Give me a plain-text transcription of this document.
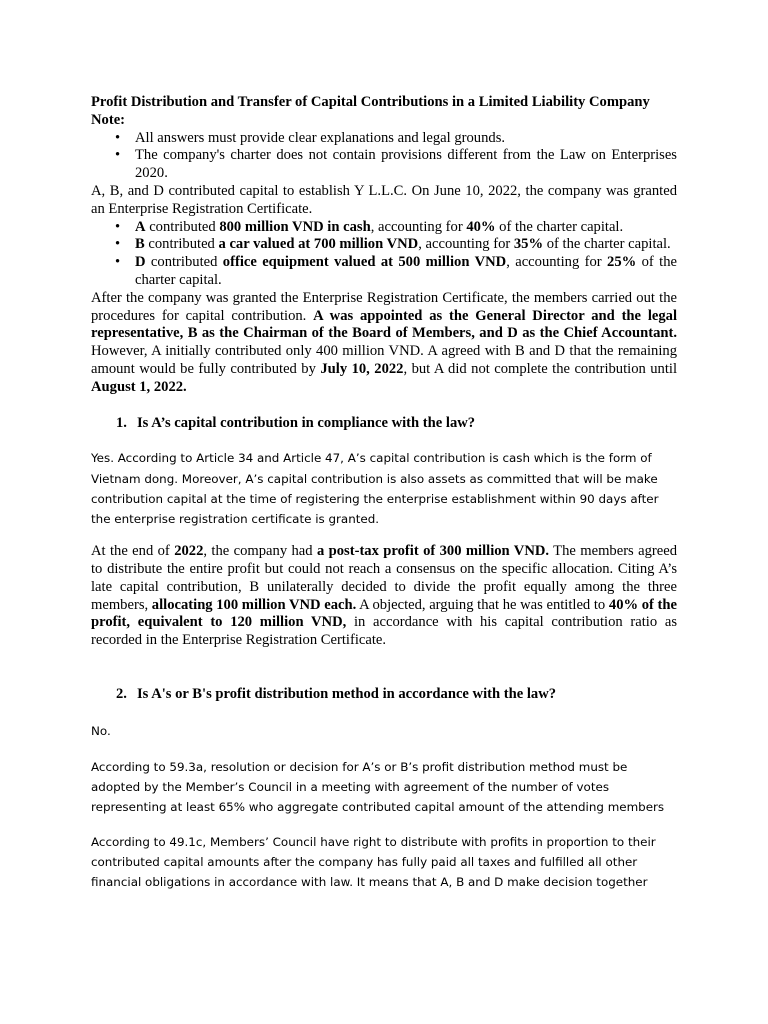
Profit Distribution and Transfer of Capital Contributions in a Limited Liability Company

Note:

• All answers must provide clear explanations and legal grounds.
• The company's charter does not contain provisions different from the Law on Enterprises 2020.

A, B, and D contributed capital to establish Y L.L.C. On June 10, 2022, the company was granted an Enterprise Registration Certificate.

• A contributed 800 million VND in cash, accounting for 40% of the charter capital.
• B contributed a car valued at 700 million VND, accounting for 35% of the charter capital.
• D contributed office equipment valued at 500 million VND, accounting for 25% of the charter capital.

After the company was granted the Enterprise Registration Certificate, the members carried out the procedures for capital contribution. A was appointed as the General Director and the legal representative, B as the Chairman of the Board of Members, and D as the Chief Accountant. However, A initially contributed only 400 million VND. A agreed with B and D that the remaining amount would be fully contributed by July 10, 2022, but A did not complete the contribution until August 1, 2022.

1. Is A’s capital contribution in compliance with the law?

Yes. According to Article 34 and Article 47, A’s capital contribution is cash which is the form of Vietnam dong. Moreover, A’s capital contribution is also assets as committed that will be make contribution capital at the time of registering the enterprise establishment within 90 days after the enterprise registration certificate is granted.

At the end of 2022, the company had a post-tax profit of 300 million VND. The members agreed to distribute the entire profit but could not reach a consensus on the specific allocation. Citing A’s late capital contribution, B unilaterally decided to divide the profit equally among the three members, allocating 100 million VND each. A objected, arguing that he was entitled to 40% of the profit, equivalent to 120 million VND, in accordance with his capital contribution ratio as recorded in the Enterprise Registration Certificate.

2. Is A's or B's profit distribution method in accordance with the law?

No.

According to 59.3a, resolution or decision for A’s or B’s profit distribution method must be adopted by the Member’s Council in a meeting with agreement of the number of votes representing at least 65% who aggregate contributed capital amount of the attending members

According to 49.1c, Members’ Council have right to distribute with profits in proportion to their contributed capital amounts after the company has fully paid all taxes and fulfilled all other financial obligations in accordance with law. It means that A, B and D make decision together
